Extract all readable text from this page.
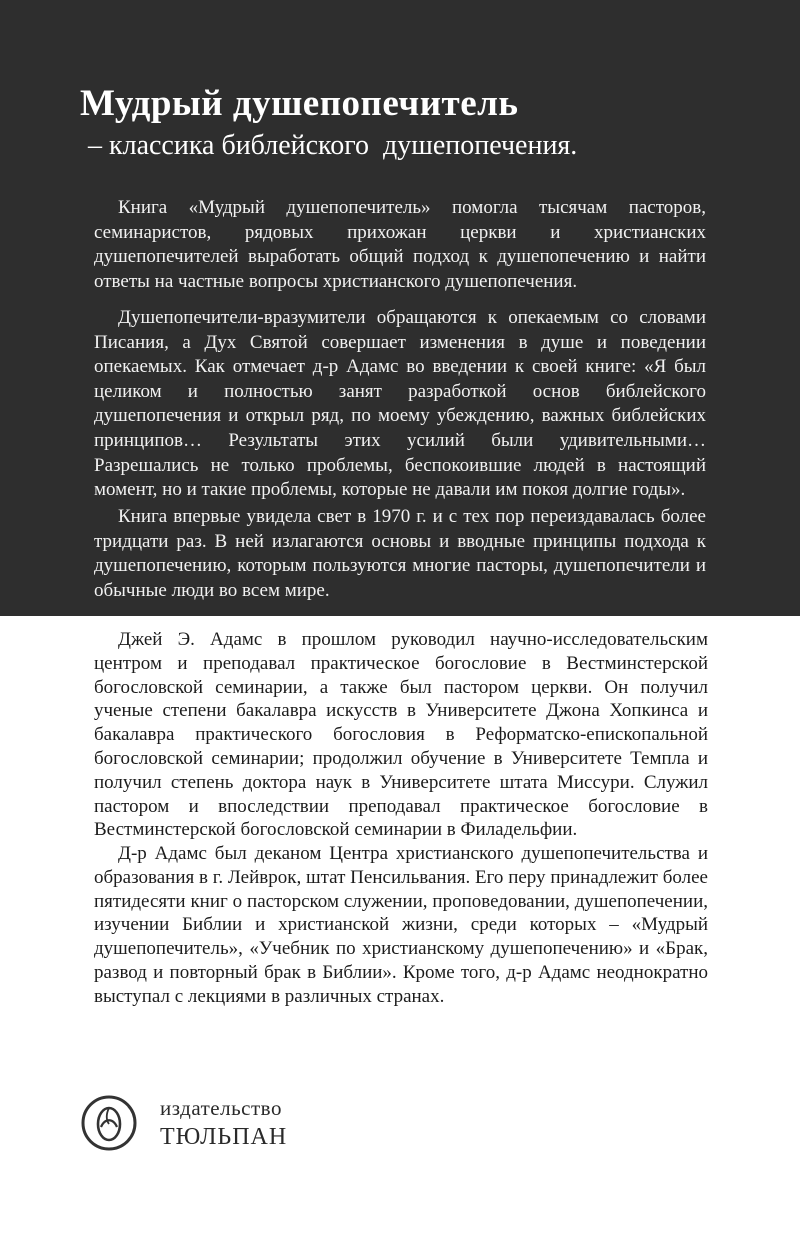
Мудрый душепопечитель
– классика библейского  душепопечения.

Книга «Мудрый душепопечитель» помогла тысячам пасторов, семинаристов, рядовых прихожан церкви и христианских душепопечителей выработать общий подход к душепопечению и найти ответы на частные вопросы христианского душепопечения.

Душепопечители-вразумители обращаются к опекаемым со словами Писания, а Дух Святой совершает изменения в душе и поведении опекаемых. Как отмечает д-р Адамс во введении к своей книге: «Я был целиком и полностью занят разработкой основ библейского душепопечения и открыл ряд, по моему убеждению, важных библейских принципов… Результаты этих усилий были удивительными… Разрешались не только проблемы, беспокоившие людей в настоящий момент, но и такие проблемы, которые не давали им покоя долгие годы».

Книга впервые увидела свет в 1970 г. и с тех пор переиздавалась более тридцати раз. В ней излагаются основы и вводные принципы подхода к душепопечению, которым пользуются многие пасторы, душепопечители и обычные люди во всем мире.

Джей Э. Адамс в прошлом руководил научно-исследовательским центром и преподавал практическое богословие в Вестминстерской богословской семинарии, а также был пастором церкви. Он получил ученые степени бакалавра искусств в Университете Джона Хопкинса и бакалавра практического богословия в Реформатско-епископальной богословской семинарии; продолжил обучение в Университете Темпла и получил степень доктора наук в Университете штата Миссури. Служил пастором и впоследствии преподавал практическое богословие в Вестминстерской богословской семинарии в Филадельфии.

Д-р Адамс был деканом Центра христианского душепопечительства и образования в г. Лейврок, штат Пенсильвания. Его перу принадлежит более пятидесяти книг о пасторском служении, проповедовании, душепопечении, изучении Библии и христианской жизни, среди которых – «Мудрый душепопечитель», «Учебник по христианскому душепопечению» и «Брак, развод и повторный брак в Библии». Кроме того, д-р Адамс неоднократно выступал с лекциями в различных странах.

издательство
ТЮЛЬПАН
